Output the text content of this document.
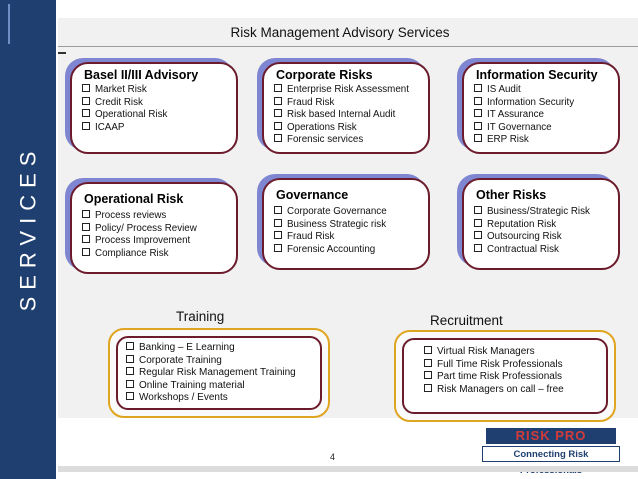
SERVICES
Risk Management Advisory Services
Basel II/III Advisory
Market Risk
Credit Risk
Operational Risk
ICAAP
Corporate Risks
Enterprise Risk Assessment
Fraud Risk
Risk based Internal Audit
Operations Risk
Forensic services
Information Security
IS Audit
Information Security
IT Assurance
IT Governance
ERP Risk
Operational Risk
Process reviews
Policy/ Process Review
Process Improvement
Compliance Risk
Governance
Corporate Governance
Business Strategic risk
Fraud Risk
Forensic Accounting
Other Risks
Business/Strategic Risk
Reputation Risk
Outsourcing Risk
Contractual Risk
Training
Banking – E Learning
Corporate Training
Regular Risk Management Training
Online Training material
Workshops / Events
Recruitment
Virtual Risk Managers
Full Time Risk Professionals
Part time Risk Professionals
Risk Managers on call – free
RISK PRO
Connecting Risk
4
